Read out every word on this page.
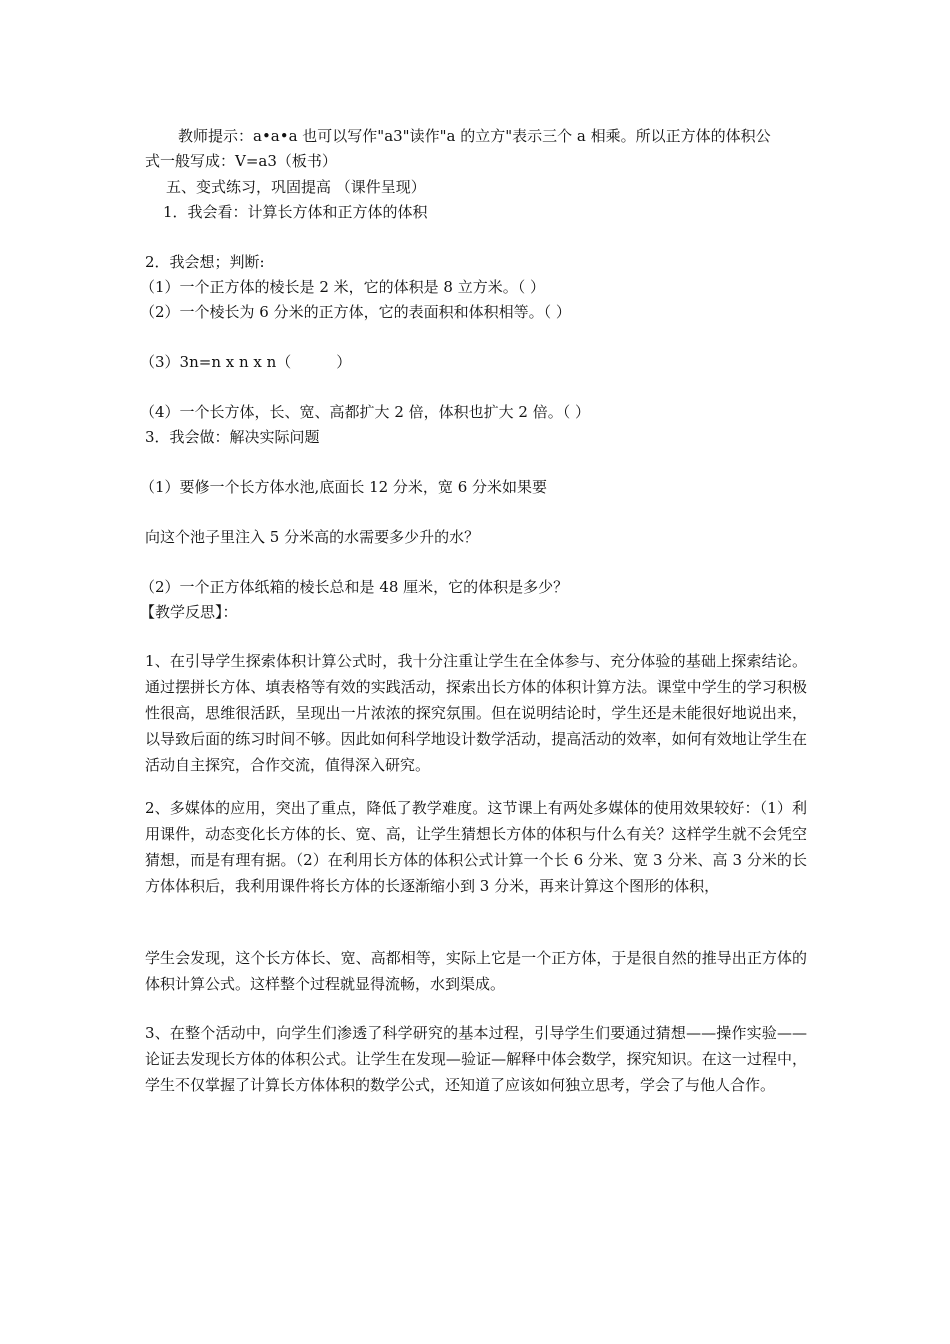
教师提示：a•a•a 也可以写作"a3"读作"a 的立方"表示三个 a 相乘。所以正方体的体积公
式一般写成：V=a3（板书）
五、变式练习，巩固提高 （课件呈现）
1．我会看：计算长方体和正方体的体积
2．我会想；判断:
（1）一个正方体的棱长是 2 米，它的体积是 8 立方米。（ ）
（2）一个棱长为 6 分米的正方体，它的表面积和体积相等。（ ）
（3）3n=n x n x n（　　　）
（4）一个长方体，长、宽、高都扩大 2 倍，体积也扩大 2 倍。（ ）
3．我会做：解决实际问题
（1）要修一个长方体水池,底面长 12 分米，宽 6 分米如果要
向这个池子里注入 5 分米高的水需要多少升的水？
（2）一个正方体纸箱的棱长总和是 48 厘米，它的体积是多少？
【教学反思】：

1、在引导学生探索体积计算公式时，我十分注重让学生在全体参与、充分体验的基础上探索结论。通过摆拼长方体、填表格等有效的实践活动，探索出长方体的体积计算方法。课堂中学生的学习积极性很高，思维很活跃，呈现出一片浓浓的探究氛围。但在说明结论时，学生还是未能很好地说出来，以导致后面的练习时间不够。因此如何科学地设计数学活动，提高活动的效率，如何有效地让学生在活动自主探究，合作交流，值得深入研究。

2、多媒体的应用，突出了重点，降低了教学难度。这节课上有两处多媒体的使用效果较好：（1）利用课件，动态变化长方体的长、宽、高，让学生猜想长方体的体积与什么有关？这样学生就不会凭空猜想，而是有理有据。（2）在利用长方体的体积公式计算一个长 6 分米、宽 3 分米、高 3 分米的长方体体积后，我利用课件将长方体的长逐渐缩小到 3 分米，再来计算这个图形的体积，

学生会发现，这个长方体长、宽、高都相等，实际上它是一个正方体，于是很自然的推导出正方体的体积计算公式。这样整个过程就显得流畅，水到渠成。

3、在整个活动中，向学生们渗透了科学研究的基本过程，引导学生们要通过猜想——操作实验——论证去发现长方体的体积公式。让学生在发现—验证—解释中体会数学，探究知识。在这一过程中，学生不仅掌握了计算长方体体积的数学公式，还知道了应该如何独立思考，学会了与他人合作。
